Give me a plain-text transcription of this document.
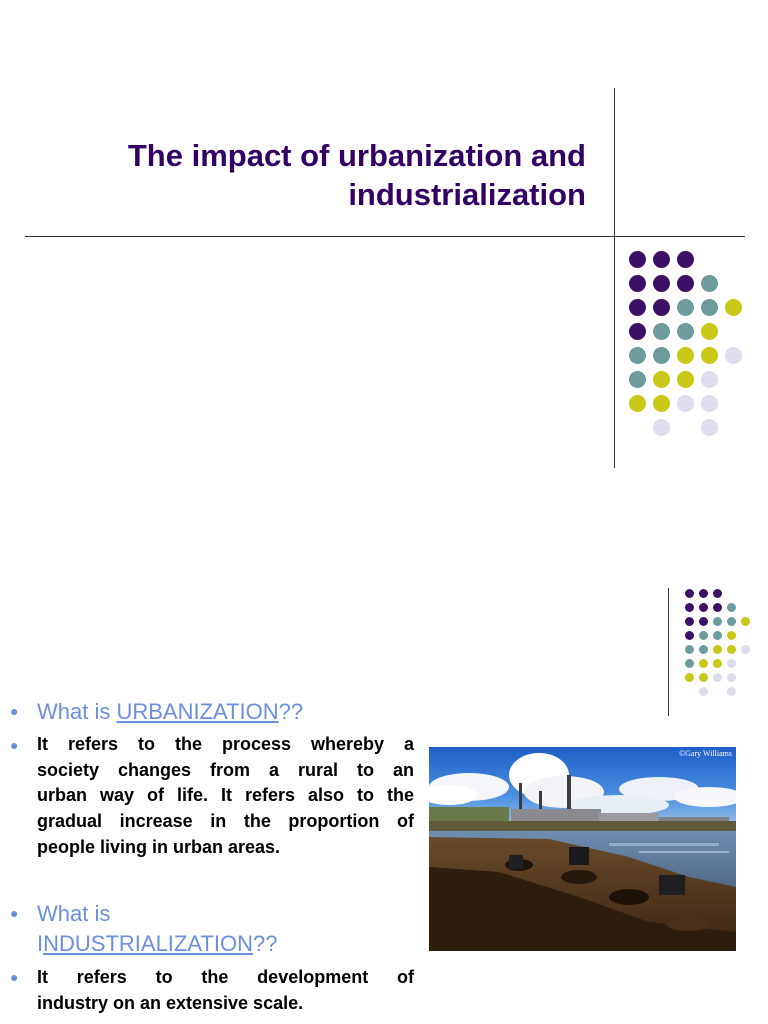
The impact of urbanization and
industrialization
● What is URBANIZATION??
● It refers to the process whereby a
society changes from a rural to an
urban way of life. It refers also to the
gradual increase in the proportion of
people living in urban areas.
● What is
INDUSTRIALIZATION??
● It refers to the development of
industry on an extensive scale.
©Gary Williams
